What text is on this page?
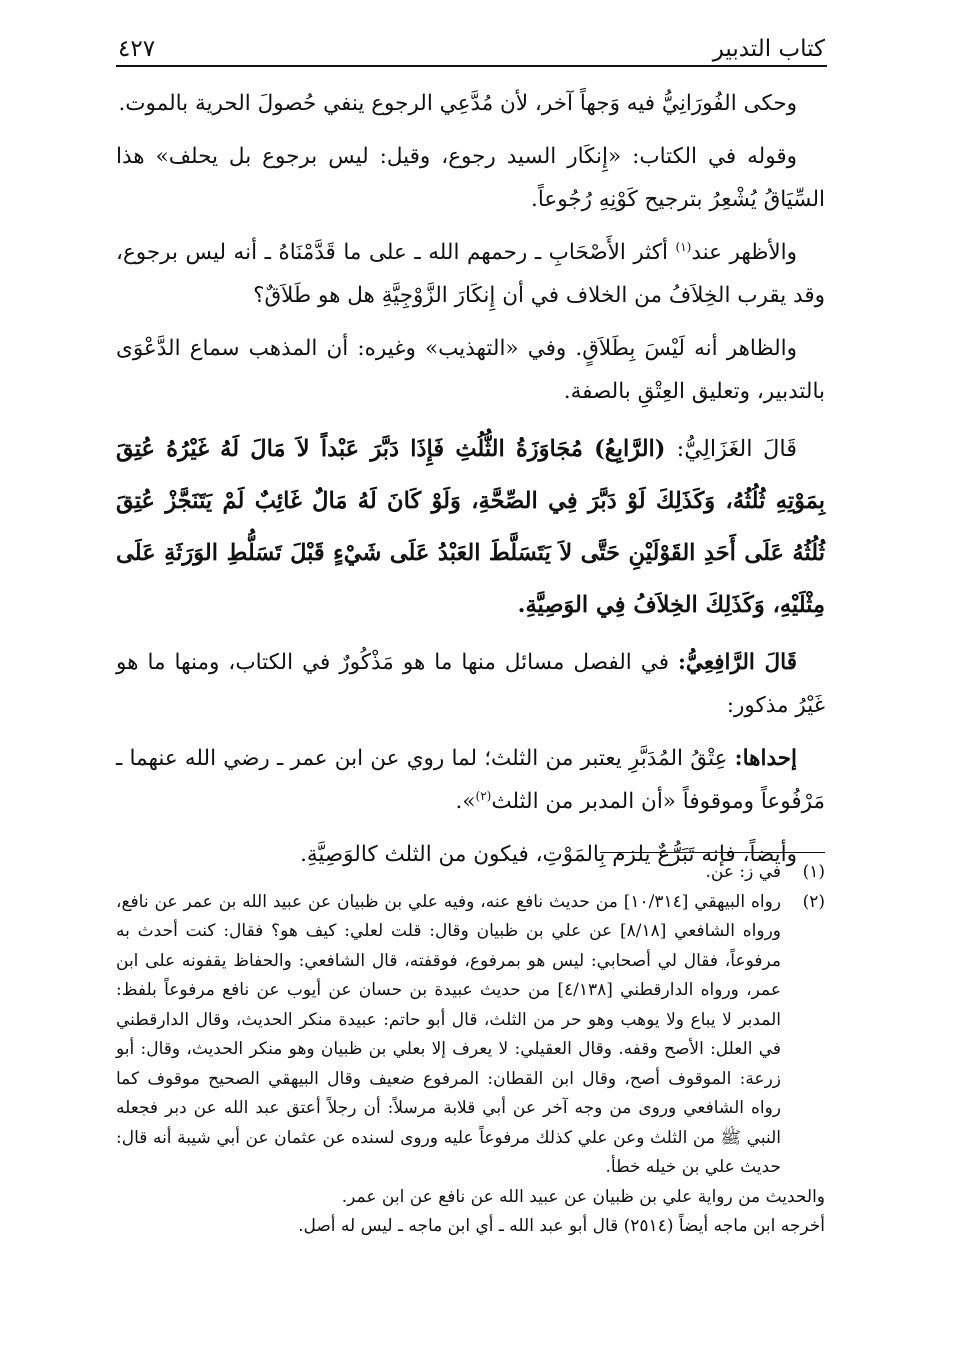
كتاب التدبير
٤٢٧

وحكى الفُورَانِيُّ فيه وَجهاً آخر، لأن مُدَّعِي الرجوع ينفي حُصولَ الحرية بالموت.

وقوله في الكتاب: «إِنكَار السيد رجوع، وقيل: ليس برجوع بل يحلف» هذا السِّيَاقُ يُشْعِرُ بترجيح كَوْنِهِ رُجُوعاً.

والأظهر عند$^{(١)}$ أكثر الأَصْحَابِ ـ رحمهم الله ـ على ما قَدَّمْنَاهُ ـ أنه ليس برجوع، وقد يقرب الخِلاَفُ من الخلاف في أن إِنكَارَ الزَّوْجِيَّةِ هل هو طَلاَقٌ؟

والظاهر أنه لَيْسَ بِطَلاَقٍ. وفي «التهذيب» وغيره: أن المذهب سماع الدَّعْوَى بالتدبير، وتعليق العِتْقِ بالصفة.

قَالَ الغَزَالِيُّ: (الرَّابِعُ) مُجَاوَزَةُ الثُّلُثِ فَإِذَا دَبَّرَ عَبْداً لاَ مَالَ لَهُ غَيْرُهُ عُتِقَ بِمَوْتِهِ ثُلُثُهُ، وَكَذَلِكَ لَوْ دَبَّرَ فِي الصِّحَّةِ، وَلَوْ كَانَ لَهُ مَالٌ غَائِبٌ لَمْ يَتَنَجَّزْ عُتِقَ ثُلُثُهُ عَلَى أَحَدِ القَوْلَيْنِ حَتَّى لاَ يَتَسَلَّطَ العَبْدُ عَلَى شَيْءٍ قَبْلَ تَسَلُّطِ الوَرَثَةِ عَلَى مِثْلَيْهِ، وَكَذَلِكَ الخِلاَفُ فِي الوَصِيَّةِ.

قَالَ الرَّافِعِيُّ: في الفصل مسائل منها ما هو مَذْكُورٌ في الكتاب، ومنها ما هو غَيْرُ مذكور:

إحداها: عِتْقُ المُدَبَّرِ يعتبر من الثلث؛ لما روي عن ابن عمر ـ رضي الله عنهما ـ مَرْفُوعاً وموقوفاً «أن المدبر من الثلث$^{(٢)}$».

وأيضاً، فإنه تَبَرُّعٌ يلزم بِالمَوْتِ، فيكون من الثلث كالوَصِيَّةِ.

(١)
في ز: عن.
(٢)
رواه البيهقي [١٠/٣١٤] من حديث نافع عنه، وفيه علي بن ظبيان عن عبيد الله بن عمر عن نافع، ورواه الشافعي [٨/١٨] عن علي بن ظبيان وقال: قلت لعلي: كيف هو؟ فقال: كنت أحدث به مرفوعاً، فقال لي أصحابي: ليس هو بمرفوع، فوقفته، قال الشافعي: والحفاظ يقفونه على ابن عمر، ورواه الدارقطني [٤/١٣٨] من حديث عبيدة بن حسان عن أيوب عن نافع مرفوعاً بلفظ: المدبر لا يباع ولا يوهب وهو حر من الثلث، قال أبو حاتم: عبيدة منكر الحديث، وقال الدارقطني في العلل: الأصح وقفه. وقال العقيلي: لا يعرف إلا بعلي بن ظبيان وهو منكر الحديث، وقال: أبو زرعة: الموقوف أصح، وقال ابن القطان: المرفوع ضعيف وقال البيهقي الصحيح موقوف كما رواه الشافعي وروى من وجه آخر عن أبي قلابة مرسلاً: أن رجلاً أعتق عبد الله عن دبر فجعله النبي ﷺ من الثلث وعن علي كذلك مرفوعاً عليه وروى لسنده عن عثمان عن أبي شيبة أنه قال: حديث علي بن خيله خطأ.
والحديث من رواية علي بن ظبيان عن عبيد الله عن نافع عن ابن عمر.
أخرجه ابن ماجه أيضاً (٢٥١٤) قال أبو عبد الله ـ أي ابن ماجه ـ ليس له أصل.
